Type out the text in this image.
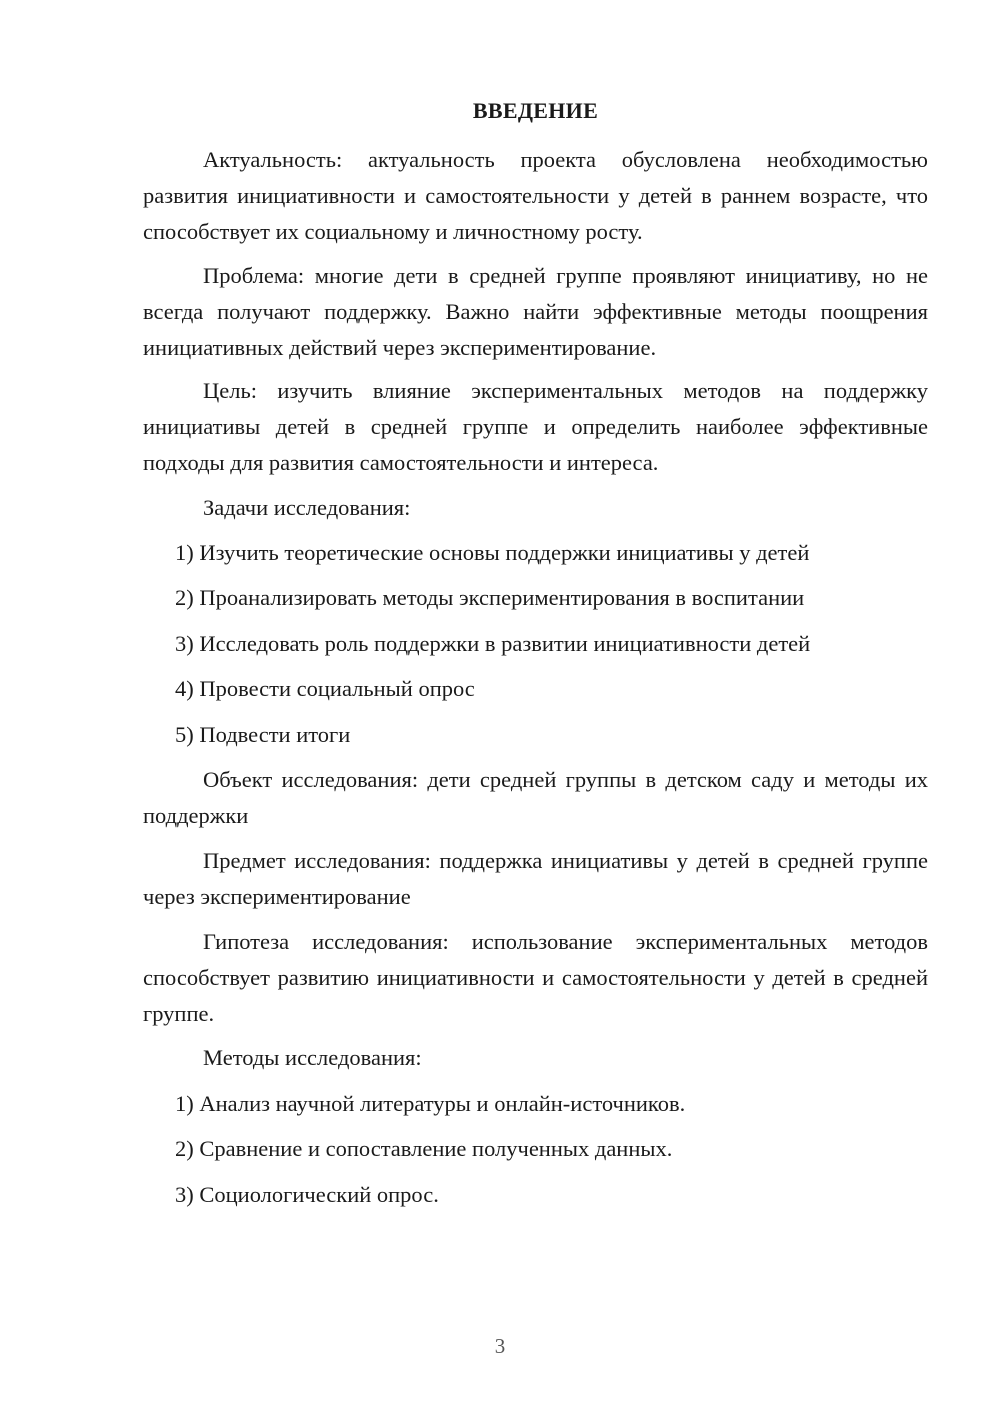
ВВЕДЕНИЕ

Актуальность: актуальность проекта обусловлена необходимостью развития инициативности и самостоятельности у детей в раннем возрасте, что способствует их социальному и личностному росту.

Проблема: многие дети в средней группе проявляют инициативу, но не всегда получают поддержку. Важно найти эффективные методы поощрения инициативных действий через экспериментирование.

Цель: изучить влияние экспериментальных методов на поддержку инициативы детей в средней группе и определить наиболее эффективные подходы для развития самостоятельности и интереса.

Задачи исследования:
1) Изучить теоретические основы поддержки инициативы у детей
2) Проанализировать методы экспериментирования в воспитании
3) Исследовать роль поддержки в развитии инициативности детей
4) Провести социальный опрос
5) Подвести итоги

Объект исследования: дети средней группы в детском саду и методы их поддержки

Предмет исследования: поддержка инициативы у детей в средней группе через экспериментирование

Гипотеза исследования: использование экспериментальных методов способствует развитию инициативности и самостоятельности у детей в средней группе.

Методы исследования:
1) Анализ научной литературы и онлайн-источников.
2) Сравнение и сопоставление полученных данных.
3) Социологический опрос.
3
